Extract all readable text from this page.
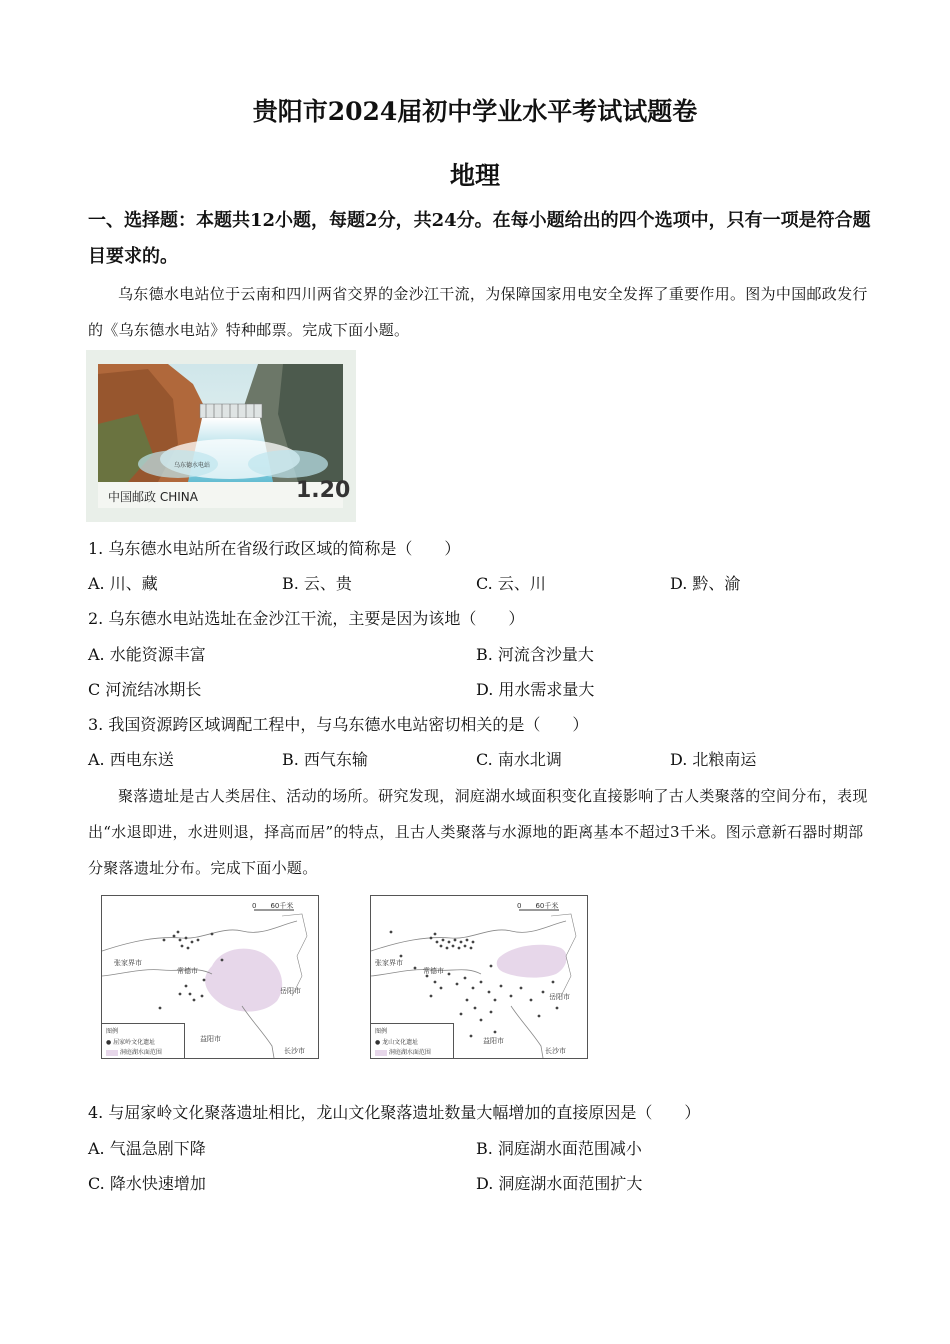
贵阳市2024届初中学业水平考试试题卷
地理
一、选择题：本题共12小题，每题2分，共24分。在每小题给出的四个选项中，只有一项是符合题目要求的。
乌东德水电站位于云南和四川两省交界的金沙江干流，为保障国家用电安全发挥了重要作用。图为中国邮政发行的《乌东德水电站》特种邮票。完成下面小题。
乌东德水电站
中国邮政 CHINA	1.20
1. 乌东德水电站所在省级行政区域的简称是（　　）
A. 川、藏	B. 云、贵	C. 云、川	D. 黔、渝
2. 乌东德水电站选址在金沙江干流，主要是因为该地（　　）
A. 水能资源丰富	B. 河流含沙量大
C 河流结冰期长	D. 用水需求量大
3. 我国资源跨区域调配工程中，与乌东德水电站密切相关的是（　　）
A. 西电东送	B. 西气东输	C. 南水北调	D. 北粮南运
聚落遗址是古人类居住、活动的场所。研究发现，洞庭湖水域面积变化直接影响了古人类聚落的空间分布，表现出“水退即进，水进则退，择高而居”的特点，且古人类聚落与水源地的距离基本不超过3千米。图示意新石器时期部分聚落遗址分布。完成下面小题。
0　　60千米
张家界市
常德市
岳阳市
益阳市
长沙市
图例
● 屈家岭文化遗址
洞庭湖水面范围
0　　60千米
张家界市
常德市
岳阳市
益阳市
长沙市
图例
● 龙山文化遗址
洞庭湖水面范围
4. 与屈家岭文化聚落遗址相比，龙山文化聚落遗址数量大幅增加的直接原因是（　　）
A. 气温急剧下降	B. 洞庭湖水面范围减小
C. 降水快速增加	D. 洞庭湖水面范围扩大
